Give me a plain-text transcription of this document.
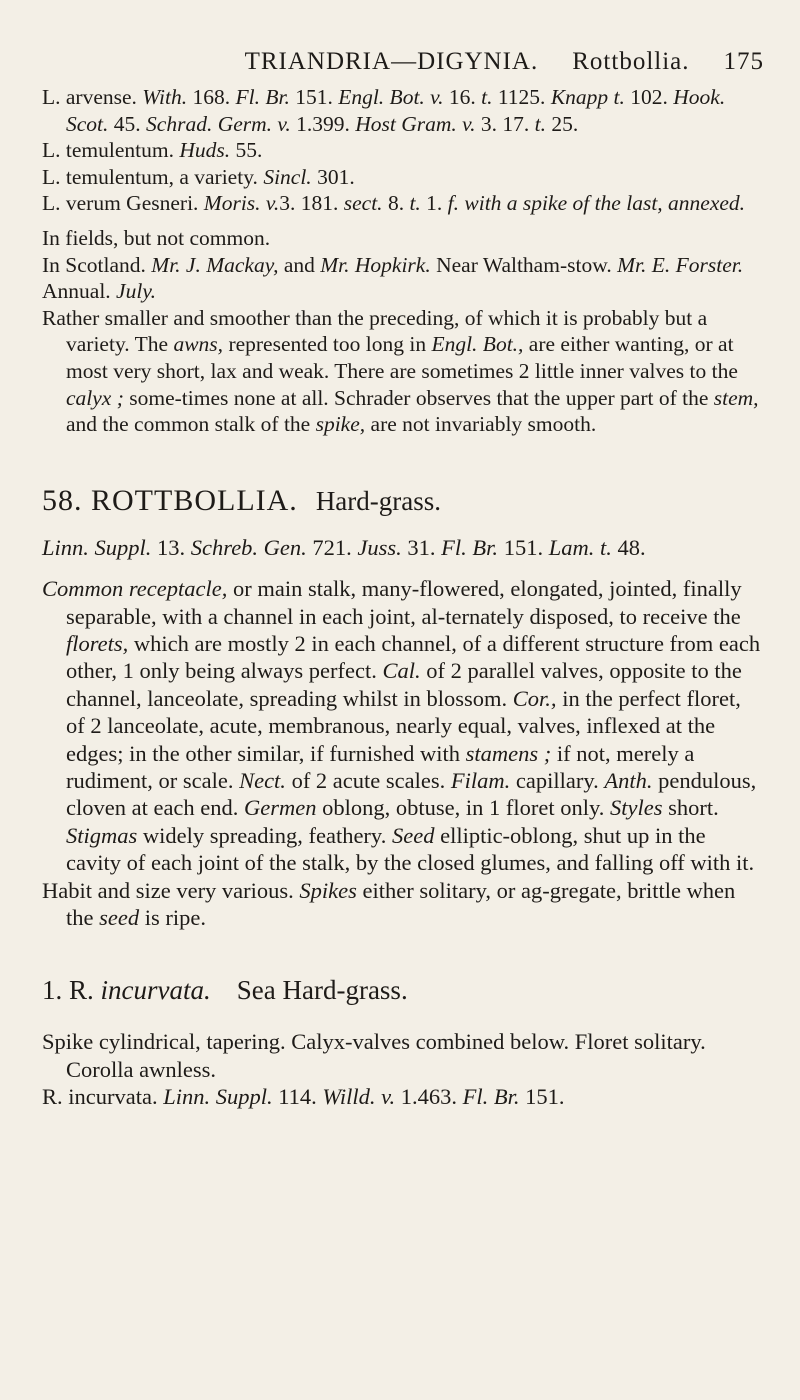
TRIANDRIA—DIGYNIA. Rottbollia. 175

L. arvense. With. 168. Fl. Br. 151. Engl. Bot. v. 16. t. 1125. Knapp t. 102. Hook. Scot. 45. Schrad. Germ. v. 1.399. Host Gram. v. 3. 17. t. 25.

L. temulentum. Huds. 55.

L. temulentum, a variety. Sincl. 301.

L. verum Gesneri. Moris. v.3. 181. sect. 8. t. 1. f. with a spike of the last, annexed.

In fields, but not common.

In Scotland. Mr. J. Mackay, and Mr. Hopkirk. Near Waltham-stow. Mr. E. Forster.

Annual. July.

Rather smaller and smoother than the preceding, of which it is probably but a variety. The awns, represented too long in Engl. Bot., are either wanting, or at most very short, lax and weak. There are sometimes 2 little inner valves to the calyx ; some-times none at all. Schrader observes that the upper part of the stem, and the common stalk of the spike, are not invariably smooth.

58. ROTTBOLLIA. Hard-grass.

Linn. Suppl. 13. Schreb. Gen. 721. Juss. 31. Fl. Br. 151. Lam. t. 48.

Common receptacle, or main stalk, many-flowered, elongated, jointed, finally separable, with a channel in each joint, al-ternately disposed, to receive the florets, which are mostly 2 in each channel, of a different structure from each other, 1 only being always perfect. Cal. of 2 parallel valves, opposite to the channel, lanceolate, spreading whilst in blossom. Cor., in the perfect floret, of 2 lanceolate, acute, membranous, nearly equal, valves, inflexed at the edges; in the other similar, if furnished with stamens ; if not, merely a rudiment, or scale. Nect. of 2 acute scales. Filam. capillary. Anth. pendulous, cloven at each end. Germen oblong, obtuse, in 1 floret only. Styles short. Stigmas widely spreading, feathery. Seed elliptic-oblong, shut up in the cavity of each joint of the stalk, by the closed glumes, and falling off with it.

Habit and size very various. Spikes either solitary, or ag-gregate, brittle when the seed is ripe.

1. R. incurvata. Sea Hard-grass.

Spike cylindrical, tapering. Calyx-valves combined below. Floret solitary. Corolla awnless.

R. incurvata. Linn. Suppl. 114. Willd. v. 1.463. Fl. Br. 151.
